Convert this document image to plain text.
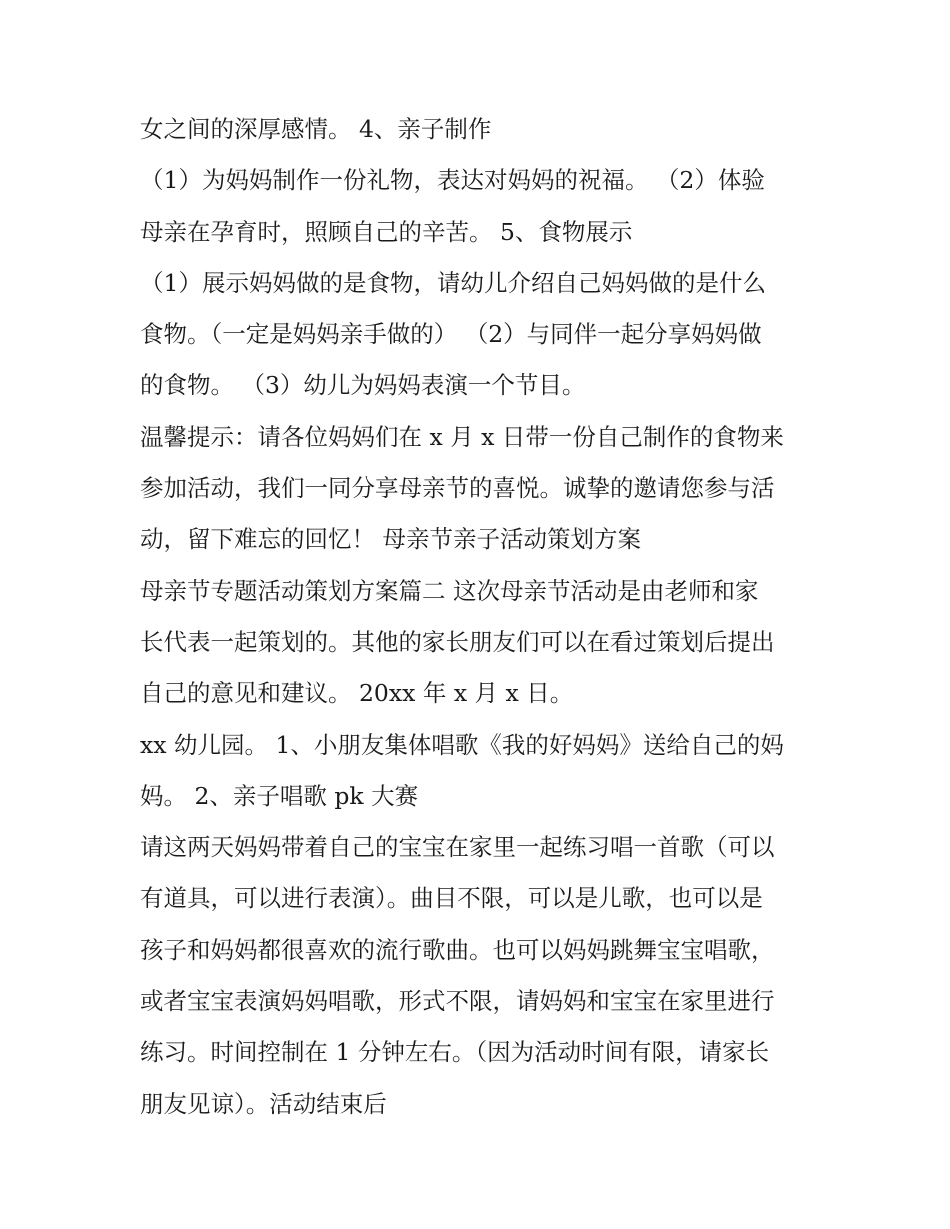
女之间的深厚感情。 4、亲子制作
（1）为妈妈制作一份礼物，表达对妈妈的祝福。 （2）体验
母亲在孕育时，照顾自己的辛苦。 5、食物展示
（1）展示妈妈做的是食物，请幼儿介绍自己妈妈做的是什么
食物。（一定是妈妈亲手做的） （2）与同伴一起分享妈妈做
的食物。 （3）幼儿为妈妈表演一个节目。
温馨提示：请各位妈妈们在 x 月 x 日带一份自己制作的食物来
参加活动，我们一同分享母亲节的喜悦。诚挚的邀请您参与活
动，留下难忘的回忆！ 母亲节亲子活动策划方案
母亲节专题活动策划方案篇二 这次母亲节活动是由老师和家
长代表一起策划的。其他的家长朋友们可以在看过策划后提出
自己的意见和建议。 20xx 年 x 月 x 日。
xx 幼儿园。 1、小朋友集体唱歌《我的好妈妈》送给自己的妈
妈。 2、亲子唱歌 pk 大赛
请这两天妈妈带着自己的宝宝在家里一起练习唱一首歌（可以
有道具，可以进行表演）。曲目不限，可以是儿歌，也可以是
孩子和妈妈都很喜欢的流行歌曲。也可以妈妈跳舞宝宝唱歌，
或者宝宝表演妈妈唱歌，形式不限，请妈妈和宝宝在家里进行
练习。时间控制在 1 分钟左右。（因为活动时间有限，请家长
朋友见谅）。活动结束后
